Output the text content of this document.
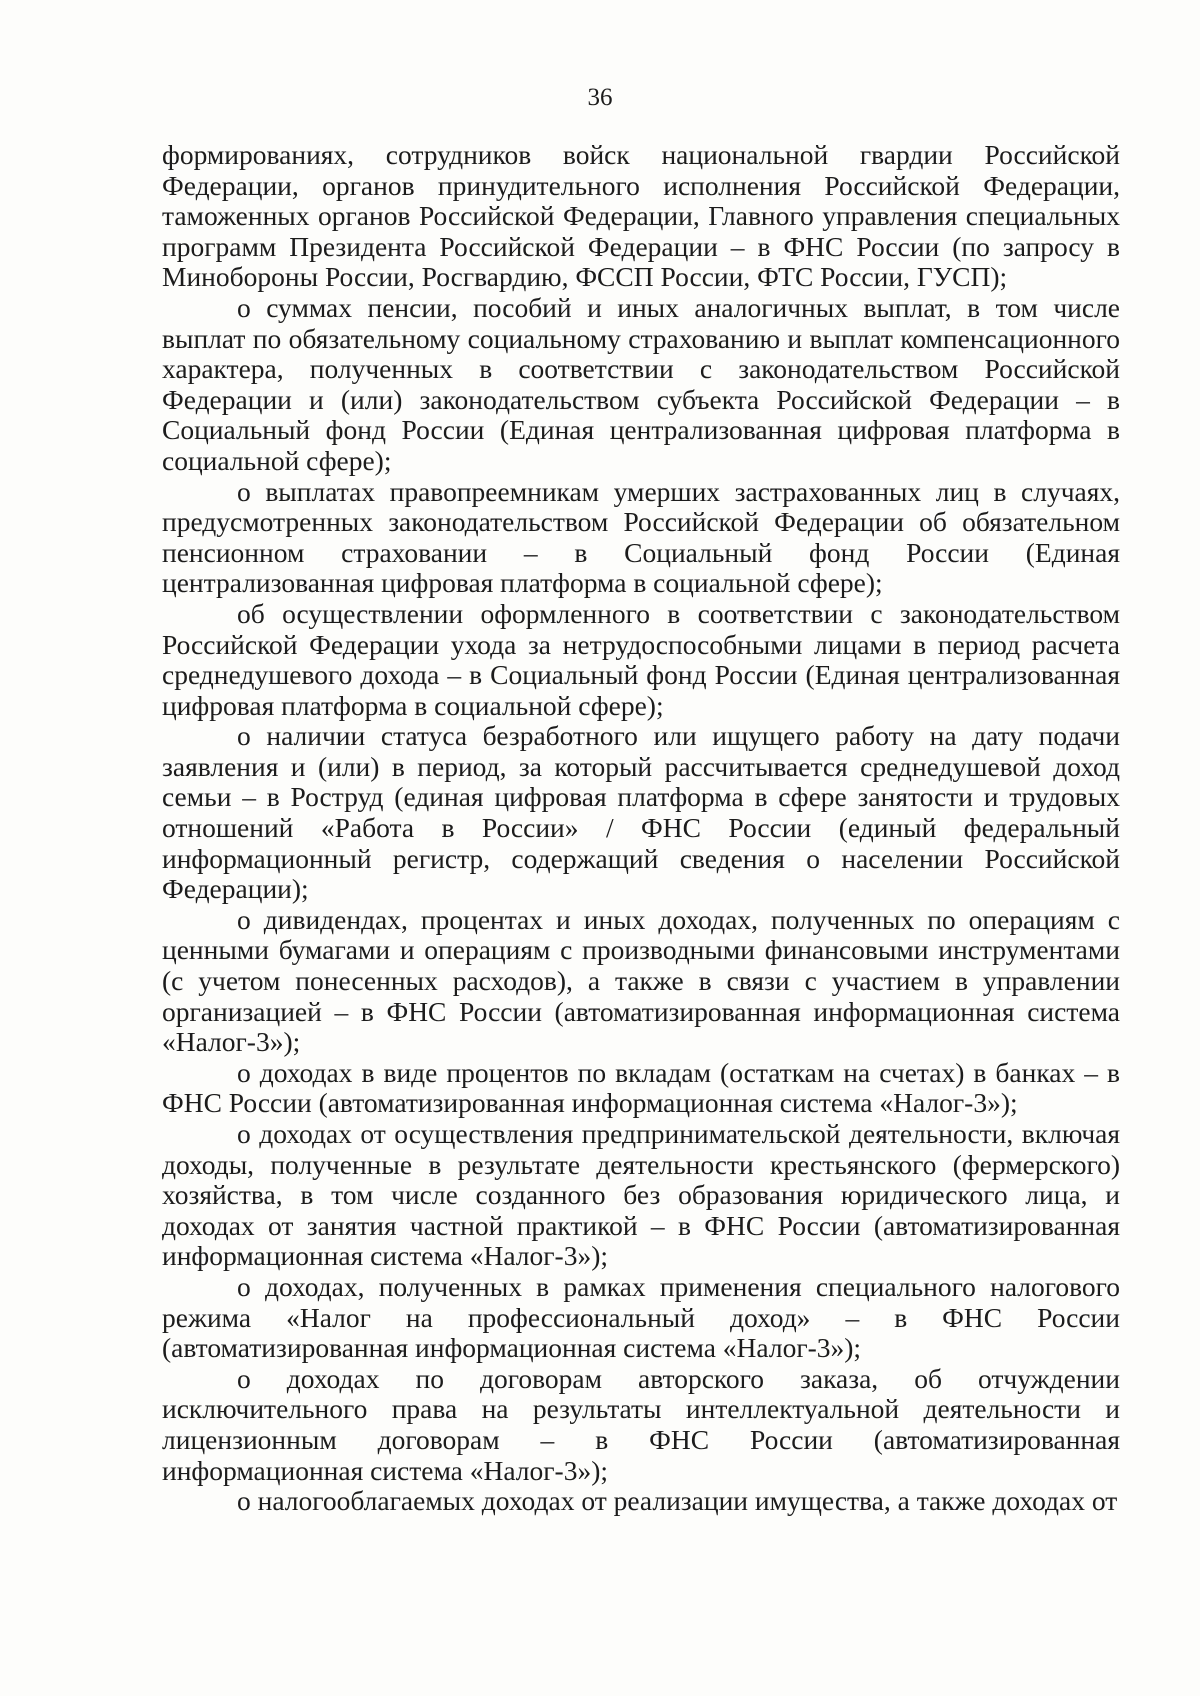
36

формированиях, сотрудников войск национальной гвардии Российской Федерации, органов принудительного исполнения Российской Федерации, таможенных органов Российской Федерации, Главного управления специальных программ Президента Российской Федерации – в ФНС России (по запросу в Минобороны России, Росгвардию, ФССП России, ФТС России, ГУСП);

о суммах пенсии, пособий и иных аналогичных выплат, в том числе выплат по обязательному социальному страхованию и выплат компенсационного характера, полученных в соответствии с законодательством Российской Федерации и (или) законодательством субъекта Российской Федерации – в Социальный фонд России (Единая централизованная цифровая платформа в социальной сфере);

о выплатах правопреемникам умерших застрахованных лиц в случаях, предусмотренных законодательством Российской Федерации об обязательном пенсионном страховании – в Социальный фонд России (Единая централизованная цифровая платформа в социальной сфере);

об осуществлении оформленного в соответствии с законодательством Российской Федерации ухода за нетрудоспособными лицами в период расчета среднедушевого дохода – в Социальный фонд России (Единая централизованная цифровая платформа в социальной сфере);

о наличии статуса безработного или ищущего работу на дату подачи заявления и (или) в период, за который рассчитывается среднедушевой доход семьи – в Роструд (единая цифровая платформа в сфере занятости и трудовых отношений «Работа в России» / ФНС России (единый федеральный информационный регистр, содержащий сведения о населении Российской Федерации);

о дивидендах, процентах и иных доходах, полученных по операциям с ценными бумагами и операциям с производными финансовыми инструментами (с учетом понесенных расходов), а также в связи с участием в управлении организацией – в ФНС России (автоматизированная информационная система «Налог-3»);

о доходах в виде процентов по вкладам (остаткам на счетах) в банках – в ФНС России (автоматизированная информационная система «Налог-3»);

о доходах от осуществления предпринимательской деятельности, включая доходы, полученные в результате деятельности крестьянского (фермерского) хозяйства, в том числе созданного без образования юридического лица, и доходах от занятия частной практикой – в ФНС России (автоматизированная информационная система «Налог-3»);

о доходах, полученных в рамках применения специального налогового режима «Налог на профессиональный доход» – в ФНС России (автоматизированная информационная система «Налог-3»);

о доходах по договорам авторского заказа, об отчуждении исключительного права на результаты интеллектуальной деятельности и лицензионным договорам – в ФНС России (автоматизированная информационная система «Налог-3»);

о налогооблагаемых доходах от реализации имущества, а также доходах от
